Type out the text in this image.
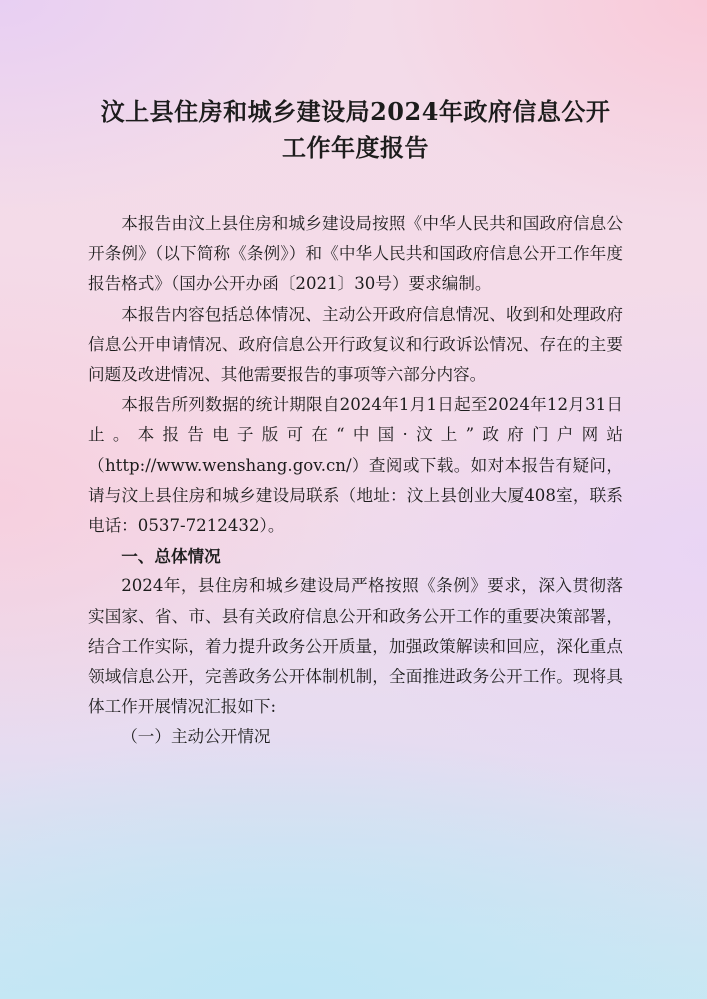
汶上县住房和城乡建设局2024年政府信息公开
工作年度报告

本报告由汶上县住房和城乡建设局按照《中华人民共和国政府信息公开条例》（以下简称《条例》）和《中华人民共和国政府信息公开工作年度报告格式》（国办公开办函〔2021〕30号）要求编制。

本报告内容包括总体情况、主动公开政府信息情况、收到和处理政府信息公开申请情况、政府信息公开行政复议和行政诉讼情况、存在的主要问题及改进情况、其他需要报告的事项等六部分内容。

本报告所列数据的统计期限自2024年1月1日起至2024年12月31日止。本报告电子版可在“中国·汶上”政府门户网站（http://www.wenshang.gov.cn/）查阅或下载。如对本报告有疑问，请与汶上县住房和城乡建设局联系（地址：汶上县创业大厦408室，联系电话：0537-7212432）。

一、总体情况

2024年，县住房和城乡建设局严格按照《条例》要求，深入贯彻落实国家、省、市、县有关政府信息公开和政务公开工作的重要决策部署，结合工作实际，着力提升政务公开质量，加强政策解读和回应，深化重点领域信息公开，完善政务公开体制机制，全面推进政务公开工作。现将具体工作开展情况汇报如下:

（一）主动公开情况
